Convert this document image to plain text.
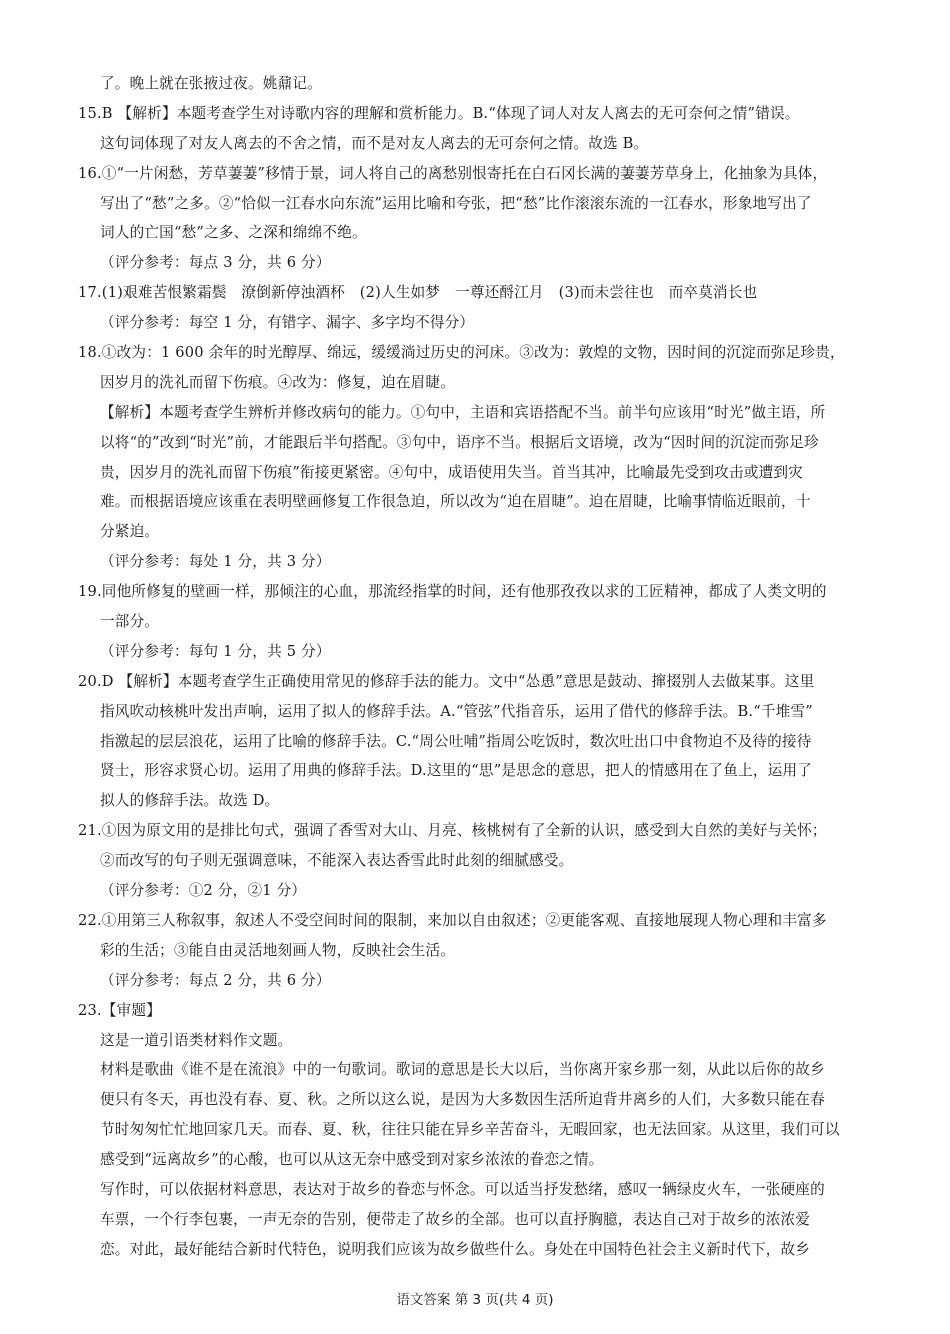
了。晚上就在张掖过夜。姚鼐记。
15.B 【解析】本题考查学生对诗歌内容的理解和赏析能力。B.“体现了词人对友人离去的无可奈何之情”错误。
这句词体现了对友人离去的不舍之情，而不是对友人离去的无可奈何之情。故选 B。
16.①“一片闲愁，芳草萋萋”移情于景，词人将自己的离愁别恨寄托在白石冈长满的萋萋芳草身上，化抽象为具体，
写出了“愁”之多。②“恰似一江春水向东流”运用比喻和夸张，把“愁”比作滚滚东流的一江春水，形象地写出了
词人的亡国“愁”之多、之深和绵绵不绝。
（评分参考：每点 3 分，共 6 分）
17.(1)艰难苦恨繁霜鬓　潦倒新停浊酒杯　(2)人生如梦　一尊还酹江月　(3)而未尝往也　而卒莫消长也
（评分参考：每空 1 分，有错字、漏字、多字均不得分）
18.①改为：1 600 余年的时光醇厚、绵远，缓缓淌过历史的河床。③改为：敦煌的文物，因时间的沉淀而弥足珍贵，
因岁月的洗礼而留下伤痕。④改为：修复，迫在眉睫。
【解析】本题考查学生辨析并修改病句的能力。①句中，主语和宾语搭配不当。前半句应该用“时光”做主语，所
以将“的”改到“时光”前，才能跟后半句搭配。③句中，语序不当。根据后文语境，改为“因时间的沉淀而弥足珍
贵，因岁月的洗礼而留下伤痕”衔接更紧密。④句中，成语使用失当。首当其冲，比喻最先受到攻击或遭到灾
难。而根据语境应该重在表明壁画修复工作很急迫，所以改为“迫在眉睫”。迫在眉睫，比喻事情临近眼前，十
分紧迫。
（评分参考：每处 1 分，共 3 分）
19.同他所修复的壁画一样，那倾注的心血，那流经指掌的时间，还有他那孜孜以求的工匠精神，都成了人类文明的
一部分。
（评分参考：每句 1 分，共 5 分）
20.D 【解析】本题考查学生正确使用常见的修辞手法的能力。文中“怂恿”意思是鼓动、撺掇别人去做某事。这里
指风吹动核桃叶发出声响，运用了拟人的修辞手法。A.“管弦”代指音乐，运用了借代的修辞手法。B.“千堆雪”
指激起的层层浪花，运用了比喻的修辞手法。C.“周公吐哺”指周公吃饭时，数次吐出口中食物迫不及待的接待
贤士，形容求贤心切。运用了用典的修辞手法。D.这里的“思”是思念的意思，把人的情感用在了鱼上，运用了
拟人的修辞手法。故选 D。
21.①因为原文用的是排比句式，强调了香雪对大山、月亮、核桃树有了全新的认识，感受到大自然的美好与关怀；
②而改写的句子则无强调意味，不能深入表达香雪此时此刻的细腻感受。
（评分参考：①2 分，②1 分）
22.①用第三人称叙事，叙述人不受空间时间的限制，来加以自由叙述；②更能客观、直接地展现人物心理和丰富多
彩的生活；③能自由灵活地刻画人物，反映社会生活。
（评分参考：每点 2 分，共 6 分）
23.【审题】
这是一道引语类材料作文题。
材料是歌曲《谁不是在流浪》中的一句歌词。歌词的意思是长大以后，当你离开家乡那一刻，从此以后你的故乡
便只有冬天，再也没有春、夏、秋。之所以这么说，是因为大多数因生活所迫背井离乡的人们，大多数只能在春
节时匆匆忙忙地回家几天。而春、夏、秋，往往只能在异乡辛苦奋斗，无暇回家，也无法回家。从这里，我们可以
感受到“远离故乡”的心酸，也可以从这无奈中感受到对家乡浓浓的眷恋之情。
写作时，可以依据材料意思，表达对于故乡的眷恋与怀念。可以适当抒发愁绪，感叹一辆绿皮火车，一张硬座的
车票，一个行李包裹，一声无奈的告别，便带走了故乡的全部。也可以直抒胸臆，表达自己对于故乡的浓浓爱
恋。对此，最好能结合新时代特色，说明我们应该为故乡做些什么。身处在中国特色社会主义新时代下，故乡
语文答案 第 3 页(共 4 页)
